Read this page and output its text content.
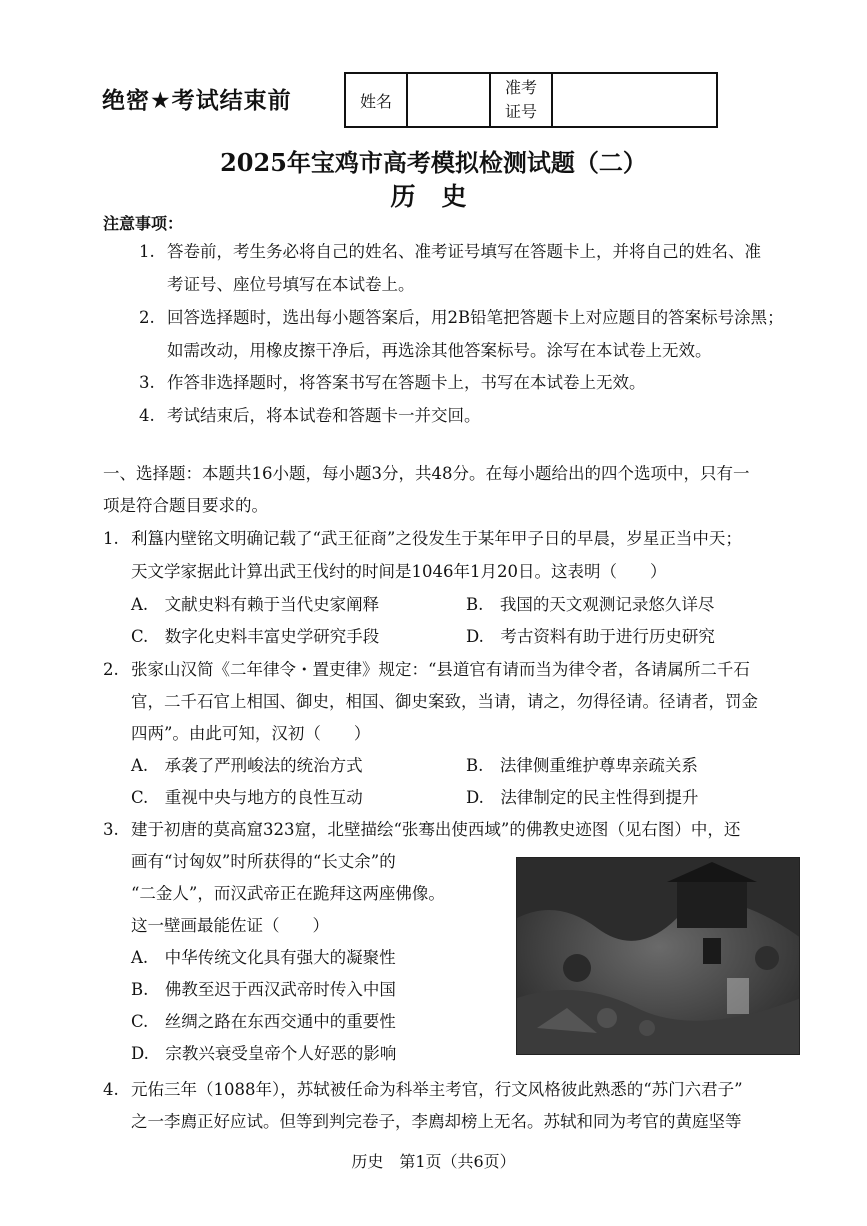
绝密★考试结束前	姓名
准考
证号
2025年宝鸡市高考模拟检测试题（二）
历史
注意事项：
1. 答卷前，考生务必将自己的姓名、准考证号填写在答题卡上，并将自己的姓名、准
考证号、座位号填写在本试卷上。
2. 回答选择题时，选出每小题答案后，用2B铅笔把答题卡上对应题目的答案标号涂黑；
如需改动，用橡皮擦干净后，再选涂其他答案标号。涂写在本试卷上无效。
3. 作答非选择题时，将答案书写在答题卡上，书写在本试卷上无效。
4. 考试结束后，将本试卷和答题卡一并交回。
一、选择题：本题共16小题，每小题3分，共48分。在每小题给出的四个选项中，只有一
项是符合题目要求的。
1. 利簋内壁铭文明确记载了“武王征商”之役发生于某年甲子日的早晨，岁星正当中天；
天文学家据此计算出武王伐纣的时间是1046年1月20日。这表明（　　）
A.　文献史料有赖于当代史家阐释	B.　我国的天文观测记录悠久详尽
C.　数字化史料丰富史学研究手段	D.　考古资料有助于进行历史研究
2. 张家山汉简《二年律令・置吏律》规定：“县道官有请而当为律令者，各请属所二千石
官，二千石官上相国、御史，相国、御史案致，当请，请之，勿得径请。径请者，罚金
四两”。由此可知，汉初（　　）
A.　承袭了严刑峻法的统治方式	B.　法律侧重维护尊卑亲疏关系
C.　重视中央与地方的良性互动	D.　法律制定的民主性得到提升
3. 建于初唐的莫高窟323窟，北壁描绘“张骞出使西域”的佛教史迹图（见右图）中，还
画有“讨匈奴”时所获得的“长丈余”的
“二金人”，而汉武帝正在跪拜这两座佛像。
这一壁画最能佐证（　　）
A.　中华传统文化具有强大的凝聚性
B.　佛教至迟于西汉武帝时传入中国
C.　丝绸之路在东西交通中的重要性
D.　宗教兴衰受皇帝个人好恶的影响
4. 元佑三年（1088年），苏轼被任命为科举主考官，行文风格彼此熟悉的“苏门六君子”
之一李廌正好应试。但等到判完卷子，李廌却榜上无名。苏轼和同为考官的黄庭坚等
历史　第1页（共6页）
